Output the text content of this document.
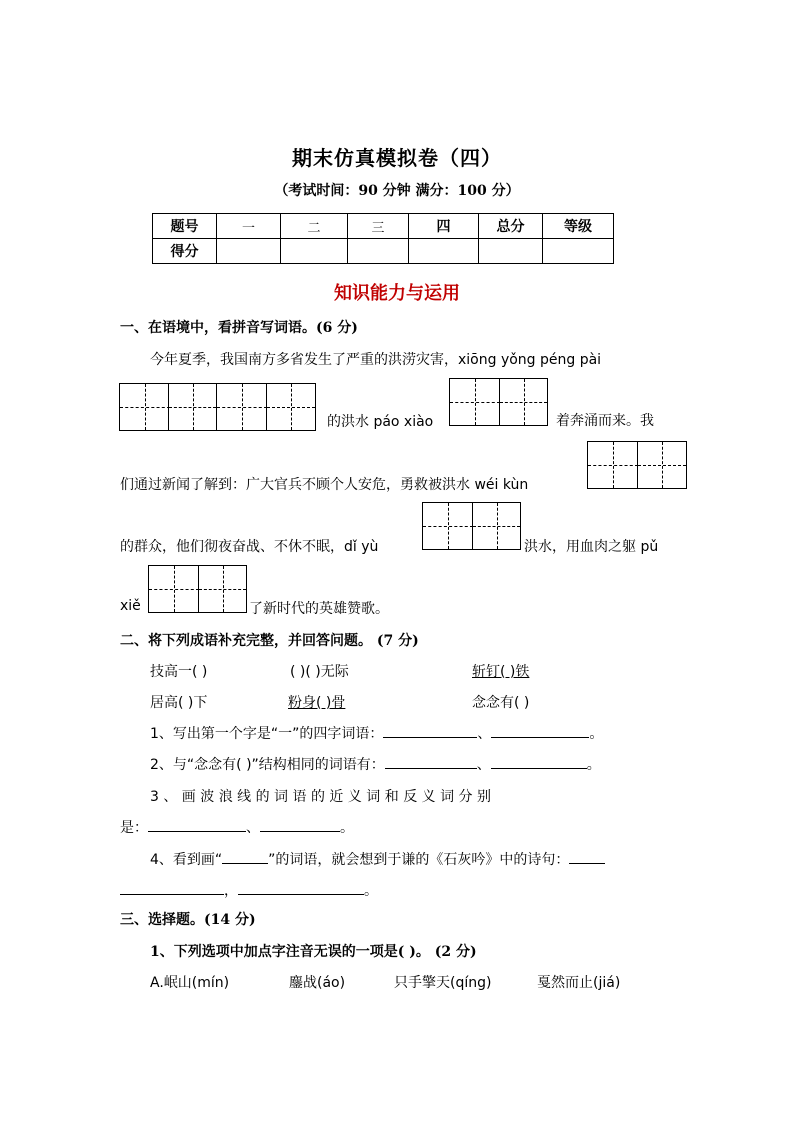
期末仿真模拟卷（四）
（考试时间：90 分钟 满分：100 分）
题号	一	二	三	四	总分	等级
得分						
知识能力与运用
一、在语境中，看拼音写词语。(6 分)
今年夏季，我国南方多省发生了严重的洪涝灾害，xiōng yǒng péng pài
的洪水 páo xiào	着奔涌而来。我
们通过新闻了解到：广大官兵不顾个人安危，勇救被洪水 wéi kùn
的群众，他们彻夜奋战、不休不眠，dǐ yù	洪水，用血肉之躯 pǔ
xiě	了新时代的英雄赞歌。
二、将下列成语补充完整，并回答问题。 (7 分)
技高一( )	( )( )无际	斩钉( )铁
居高( )下	粉身( )骨	念念有( )
1、写出第一个字是“一”的四字词语：	、	。
2、与“念念有( )”结构相同的词语有：	、	。
3 、 画 波 浪 线 的 词 语 的 近 义 词 和 反 义 词 分 别
是：	、	。
4、看到画“	”的词语，就会想到于谦的《石灰吟》中的诗句：
，	。
三、选择题。(14 分)
1、下列选项中加点字注音无误的一项是( )。 (2 分)
A.岷山(mín)	鏖战(áo)	只手擎天(qíng)	戛然而止(jiá)
